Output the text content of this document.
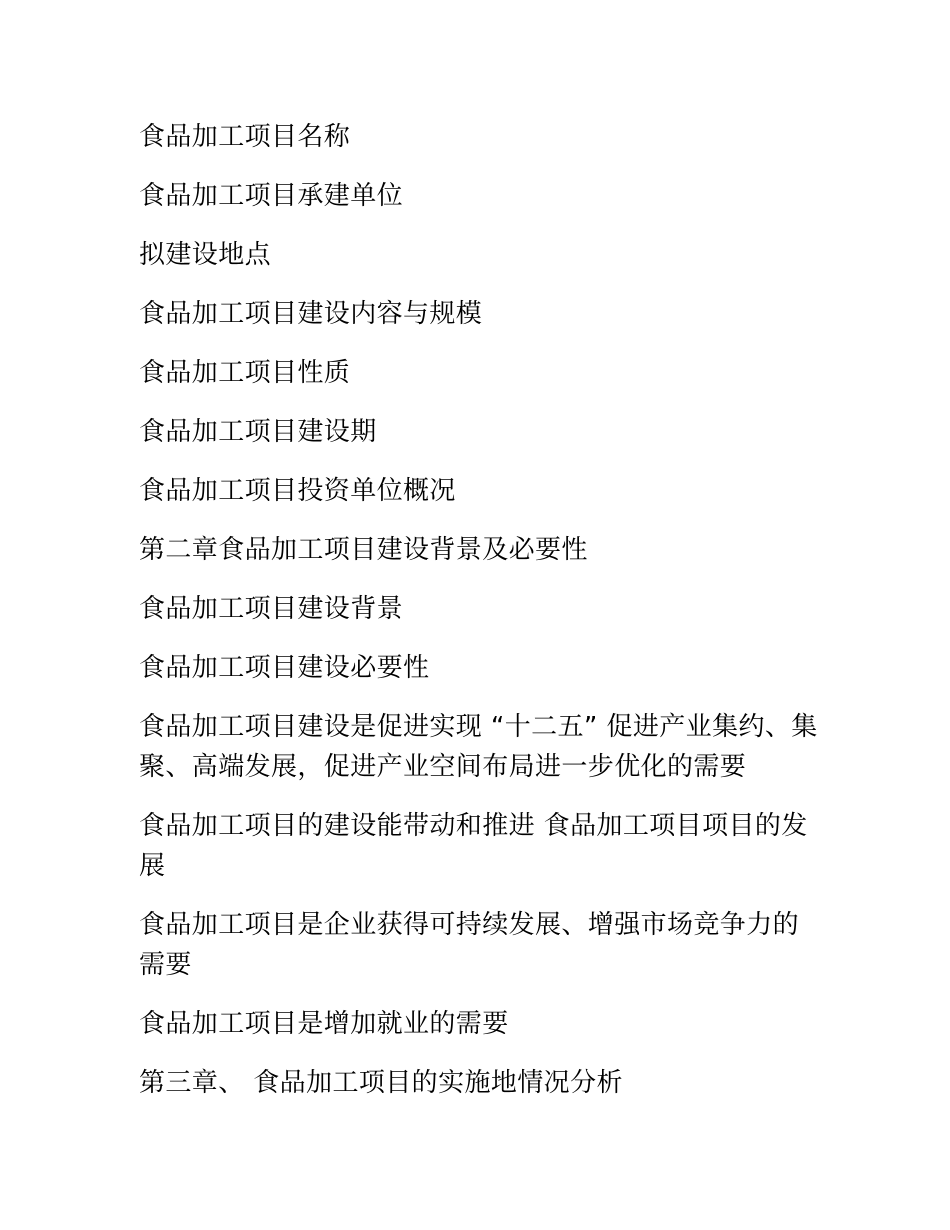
食品加工项目名称
食品加工项目承建单位
拟建设地点
食品加工项目建设内容与规模
食品加工项目性质
食品加工项目建设期
食品加工项目投资单位概况
第二章食品加工项目建设背景及必要性
食品加工项目建设背景
食品加工项目建设必要性
食品加工项目建设是促进实现 “十二五” 促进产业集约、集聚、高端发展，促进产业空间布局进一步优化的需要
食品加工项目的建设能带动和推进 食品加工项目项目的发展
食品加工项目是企业获得可持续发展、增强市场竞争力的需要
食品加工项目是增加就业的需要
第三章、 食品加工项目的实施地情况分析
